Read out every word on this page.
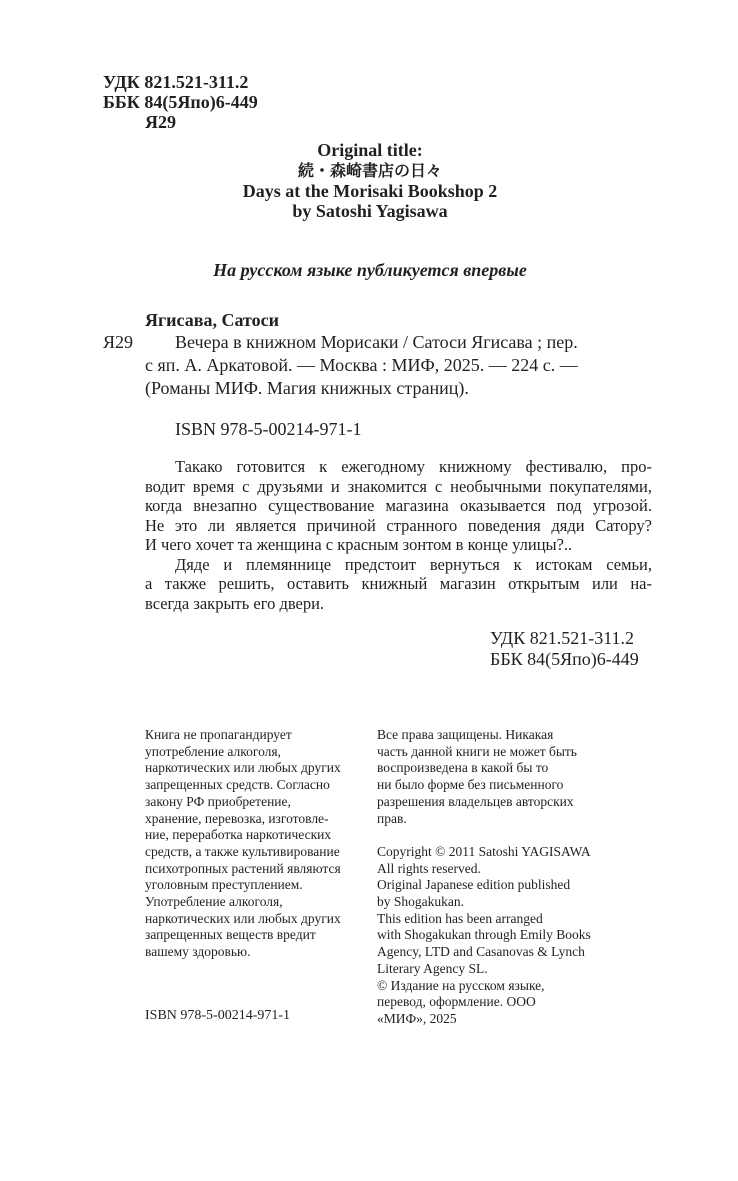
УДК 821.521-311.2
ББК 84(5Япо)6-449
Я29
Original title:
続・森崎書店の日々
Days at the Morisaki Bookshop 2
by Satoshi Yagisawa
На русском языке публикуется впервые
Ягисава, Сатоси
Я29 Вечера в книжном Морисаки / Сатоси Ягисава ; пер.
с яп. А. Аркатовой. — Москва : МИФ, 2025. — 224 с. —
(Романы МИФ. Магия книжных страниц).
ISBN 978-5-00214-971-1
Такако готовится к ежегодному книжному фестивалю, про-
водит время с друзьями и знакомится с необычными покупателями,
когда внезапно существование магазина оказывается под угрозой.
Не это ли является причиной странного поведения дяди Сатору?
И чего хочет та женщина с красным зонтом в конце улицы?..
Дяде и племяннице предстоит вернуться к истокам семьи,
а также решить, оставить книжный магазин открытым или на-
всегда закрыть его двери.
УДК 821.521-311.2
ББК 84(5Япо)6-449
Книга не пропагандирует
употребление алкоголя,
наркотических или любых других
запрещенных средств. Согласно
закону РФ приобретение,
хранение, перевозка, изготовле-
ние, переработка наркотических
средств, а также культивирование
психотропных растений являются
уголовным преступлением.
Употребление алкоголя,
наркотических или любых других
запрещенных веществ вредит
вашему здоровью.
ISBN 978-5-00214-971-1
Все права защищены. Никакая
часть данной книги не может быть
воспроизведена в какой бы то
ни было форме без письменного
разрешения владельцев авторских
прав.
Copyright © 2011 Satoshi YAGISAWA
All rights reserved.
Original Japanese edition published
by Shogakukan.
This edition has been arranged
with Shogakukan through Emily Books
Agency, LTD and Casanovas & Lynch
Literary Agency SL.
© Издание на русском языке,
перевод, оформление. ООО
«МИФ», 2025
